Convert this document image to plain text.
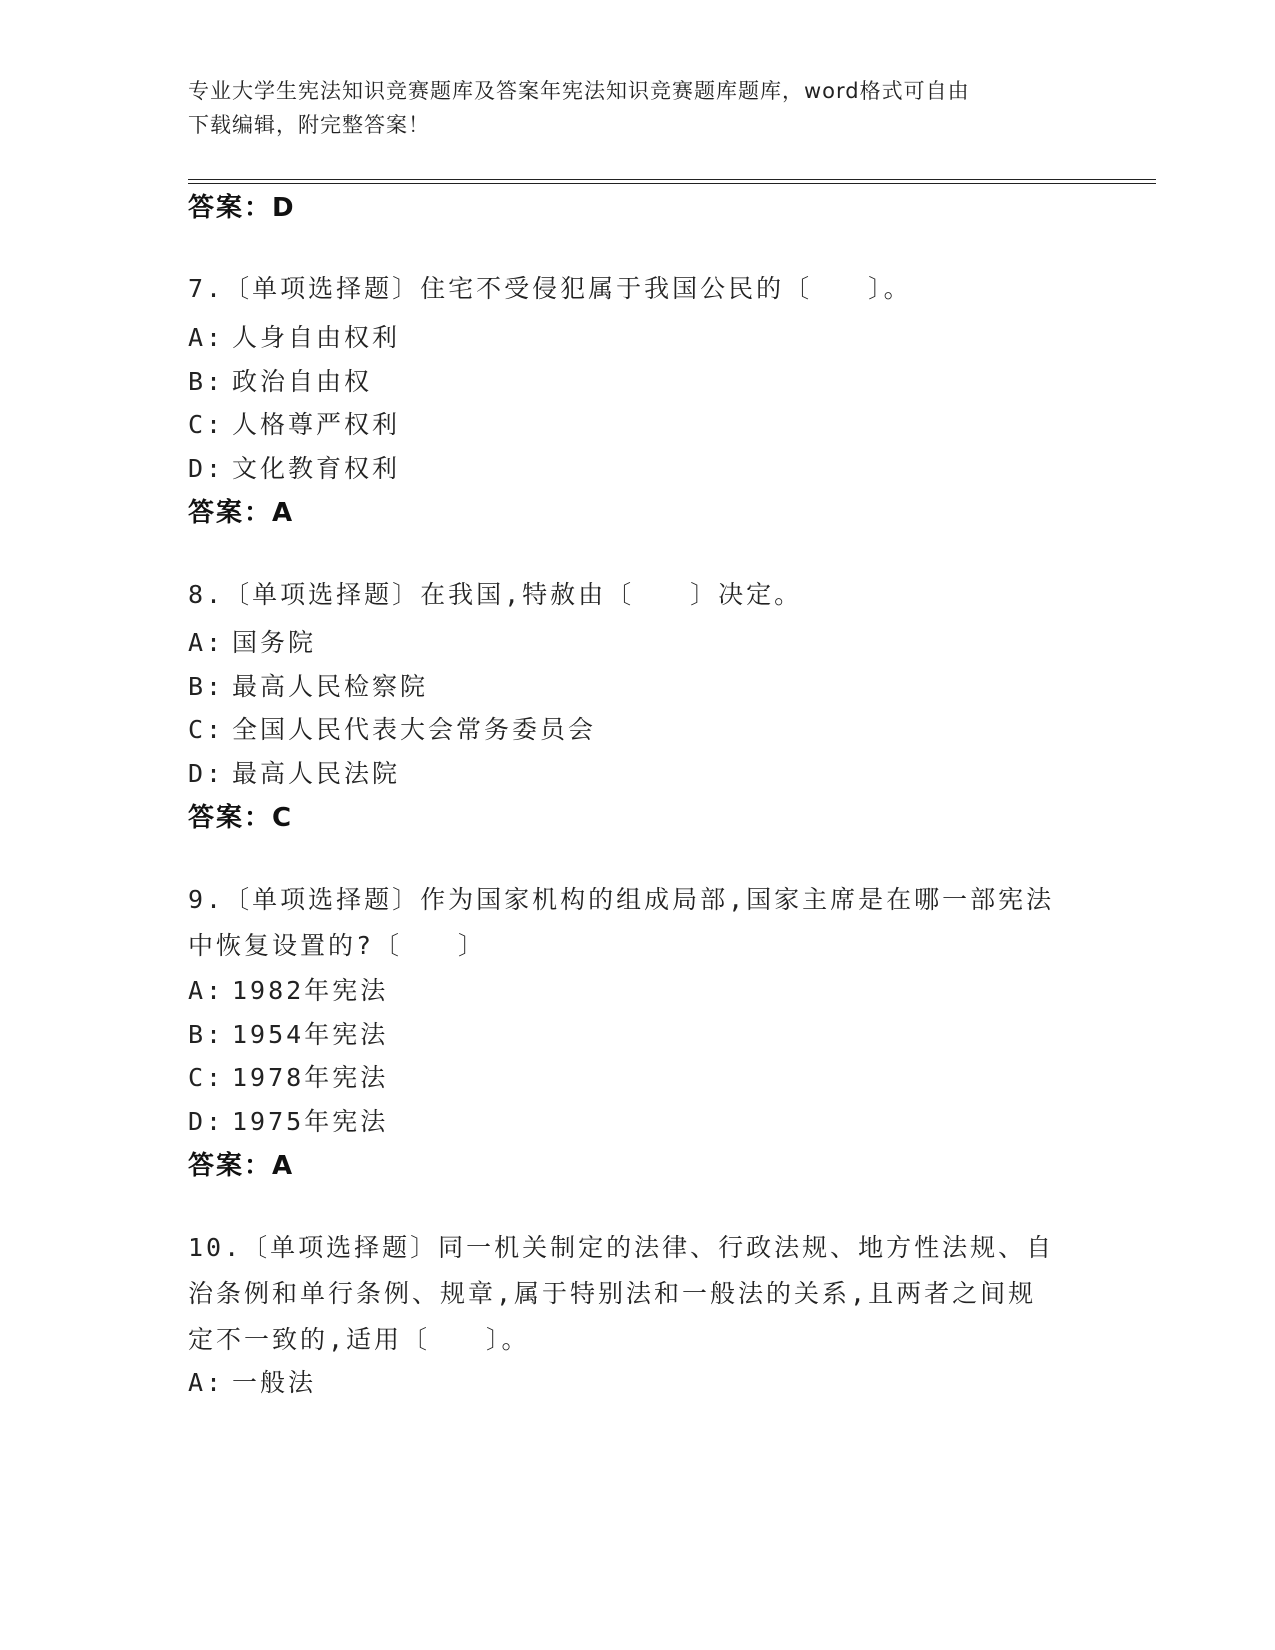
专业大学生宪法知识竞赛题库及答案年宪法知识竞赛题库题库，word格式可自由
下载编辑，附完整答案！
答案：D
7.〔单项选择题〕住宅不受侵犯属于我国公民的〔　　〕。
A: 人身自由权利
B: 政治自由权
C: 人格尊严权利
D: 文化教育权利
答案：A
8.〔单项选择题〕在我国,特赦由〔　　〕决定。
A: 国务院
B: 最高人民检察院
C: 全国人民代表大会常务委员会
D: 最高人民法院
答案：C
9.〔单项选择题〕作为国家机构的组成局部,国家主席是在哪一部宪法
中恢复设置的?〔　　〕
A: 1982年宪法
B: 1954年宪法
C: 1978年宪法
D: 1975年宪法
答案：A
10.〔单项选择题〕同一机关制定的法律、行政法规、地方性法规、自
治条例和单行条例、规章,属于特别法和一般法的关系,且两者之间规
定不一致的,适用〔　　〕。
A: 一般法
